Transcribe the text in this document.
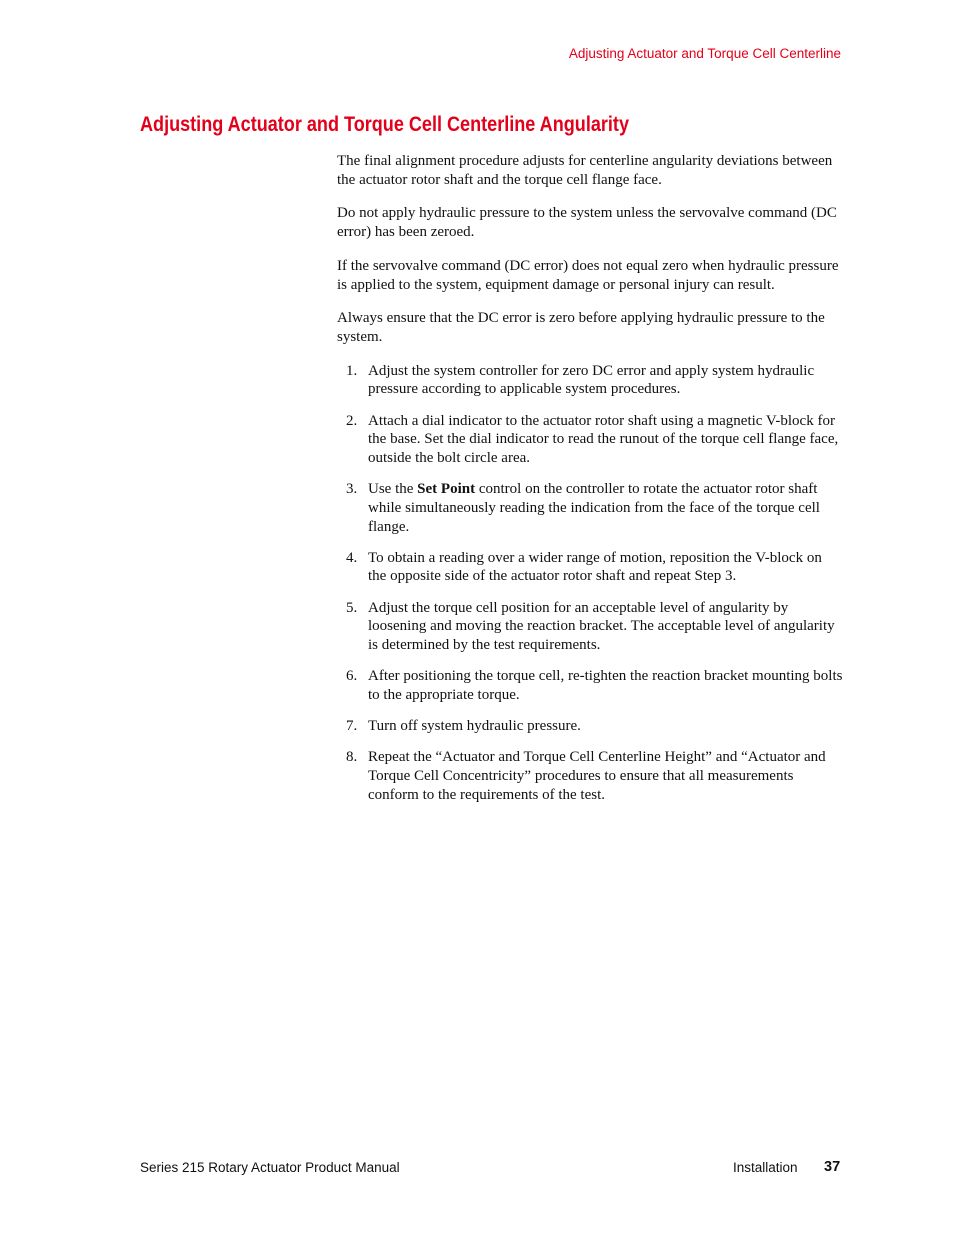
Adjusting Actuator and Torque Cell Centerline
Adjusting Actuator and Torque Cell Centerline Angularity

The final alignment procedure adjusts for centerline angularity deviations between the actuator rotor shaft and the torque cell flange face.

Do not apply hydraulic pressure to the system unless the servovalve command (DC error) has been zeroed.

If the servovalve command (DC error) does not equal zero when hydraulic pressure is applied to the system, equipment damage or personal injury can result.

Always ensure that the DC error is zero before applying hydraulic pressure to the system.

1. Adjust the system controller for zero DC error and apply system hydraulic pressure according to applicable system procedures.
2. Attach a dial indicator to the actuator rotor shaft using a magnetic V-block for the base. Set the dial indicator to read the runout of the torque cell flange face, outside the bolt circle area.
3. Use the Set Point control on the controller to rotate the actuator rotor shaft while simultaneously reading the indication from the face of the torque cell flange.
4. To obtain a reading over a wider range of motion, reposition the V-block on the opposite side of the actuator rotor shaft and repeat Step 3.
5. Adjust the torque cell position for an acceptable level of angularity by loosening and moving the reaction bracket. The acceptable level of angularity is determined by the test requirements.
6. After positioning the torque cell, re-tighten the reaction bracket mounting bolts to the appropriate torque.
7. Turn off system hydraulic pressure.
8. Repeat the “Actuator and Torque Cell Centerline Height” and “Actuator and Torque Cell Concentricity” procedures to ensure that all measurements conform to the requirements of the test.
Series 215 Rotary Actuator Product Manual	Installation 37
